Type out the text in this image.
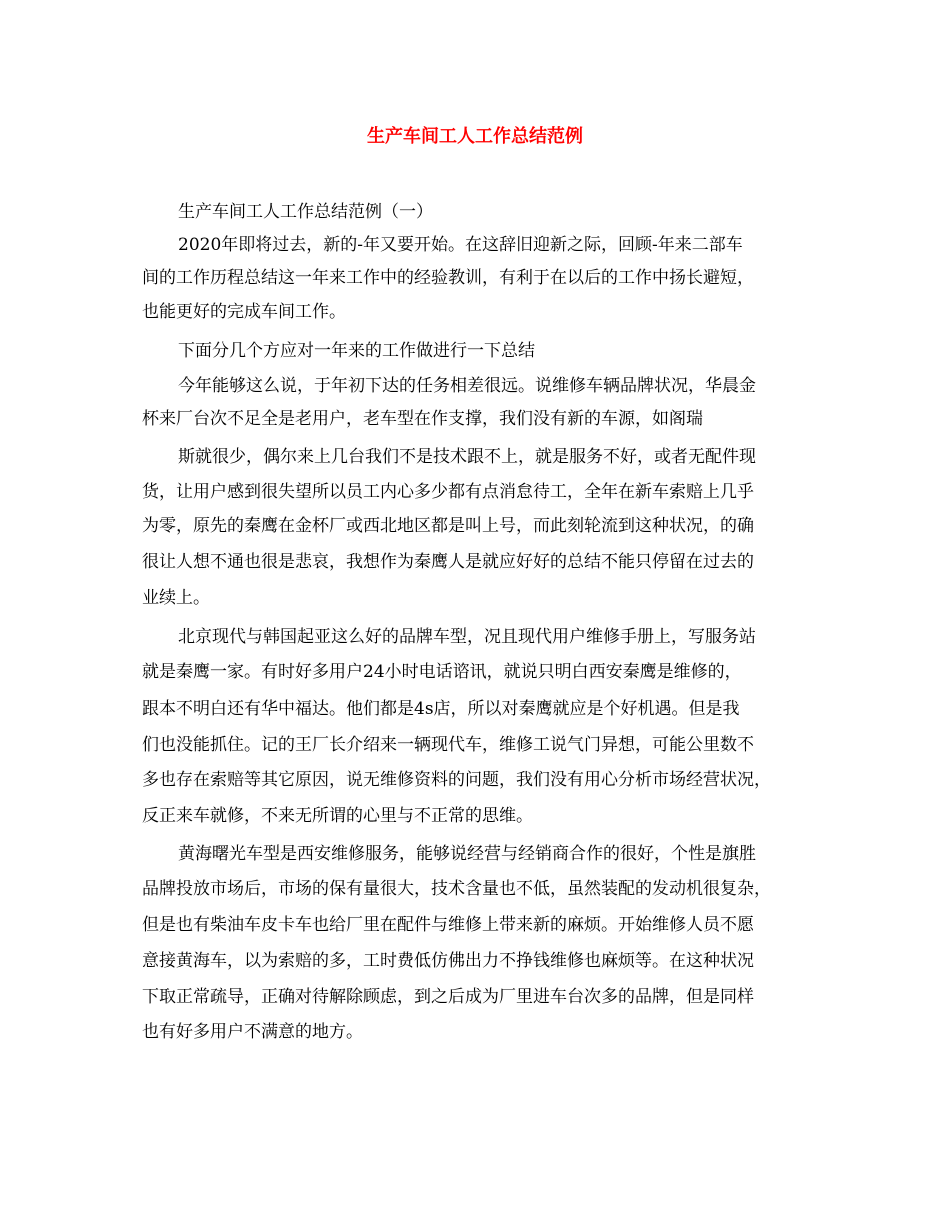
生产车间工人工作总结范例

生产车间工人工作总结范例（一）

2020年即将过去，新的-年又要开始。在这辞旧迎新之际，回顾-年来二部车

间的工作历程总结这一年来工作中的经验教训，有利于在以后的工作中扬长避短，

也能更好的完成车间工作。

下面分几个方应对一年来的工作做进行一下总结

今年能够这么说，于年初下达的任务相差很远。说维修车辆品牌状况，华晨金

杯来厂台次不足全是老用户，老车型在作支撑，我们没有新的车源，如阁瑞

斯就很少，偶尔来上几台我们不是技术跟不上，就是服务不好，或者无配件现

货，让用户感到很失望所以员工内心多少都有点消怠待工，全年在新车索赔上几乎

为零，原先的秦鹰在金杯厂或西北地区都是叫上号，而此刻轮流到这种状况，的确

很让人想不通也很是悲哀，我想作为秦鹰人是就应好好的总结不能只停留在过去的

业续上。

北京现代与韩国起亚这么好的品牌车型，况且现代用户维修手册上，写服务站

就是秦鹰一家。有时好多用户24小时电话谘讯，就说只明白西安秦鹰是维修的，

跟本不明白还有华中福达。他们都是4s店，所以对秦鹰就应是个好机遇。但是我

们也没能抓住。记的王厂长介绍来一辆现代车，维修工说气门异想，可能公里数不

多也存在索赔等其它原因，说无维修资料的问题，我们没有用心分析市场经营状况，

反正来车就修，不来无所谓的心里与不正常的思维。

黄海曙光车型是西安维修服务，能够说经营与经销商合作的很好，个性是旗胜

品牌投放市场后，市场的保有量很大，技术含量也不低，虽然装配的发动机很复杂，

但是也有柴油车皮卡车也给厂里在配件与维修上带来新的麻烦。开始维修人员不愿

意接黄海车，以为索赔的多，工时费低仿佛出力不挣钱维修也麻烦等。在这种状况

下取正常疏导，正确对待解除顾虑，到之后成为厂里进车台次多的品牌，但是同样

也有好多用户不满意的地方。
